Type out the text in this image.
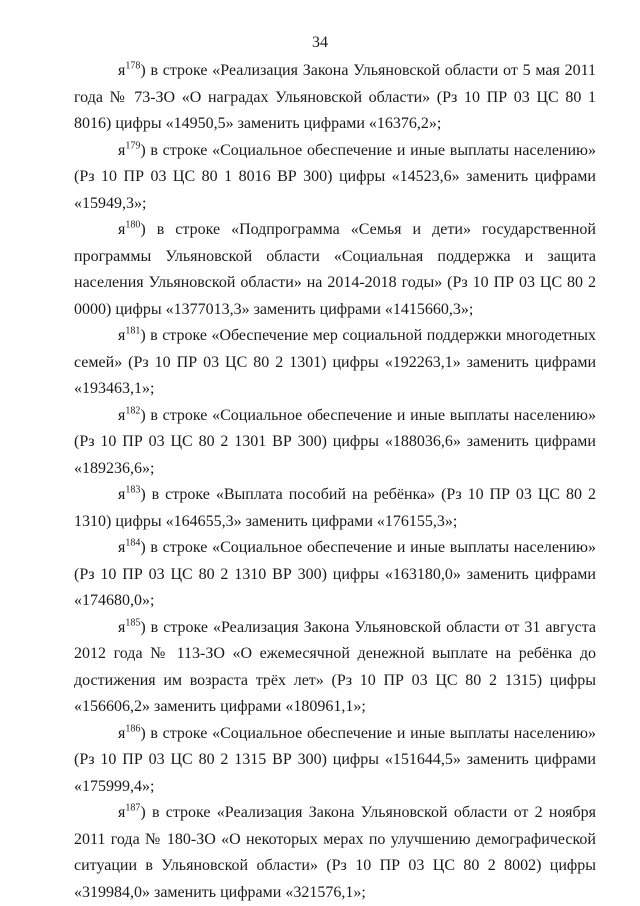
34

$я^{178}$) в строке «Реализация Закона Ульяновской области от 5 мая 2011 года № 73-ЗО «О наградах Ульяновской области» (Рз 10 ПР 03 ЦС 80 1 8016) цифры «14950,5» заменить цифрами «16376,2»;

$я^{179}$) в строке «Социальное обеспечение и иные выплаты населению» (Рз 10 ПР 03 ЦС 80 1 8016 ВР 300) цифры «14523,6» заменить цифрами «15949,3»;

$я^{180}$) в строке «Подпрограмма «Семья и дети» государственной программы Ульяновской области «Социальная поддержка и защита населения Ульяновской области» на 2014-2018 годы» (Рз 10 ПР 03 ЦС 80 2 0000) цифры «1377013,3» заменить цифрами «1415660,3»;

$я^{181}$) в строке «Обеспечение мер социальной поддержки многодетных семей» (Рз 10 ПР 03 ЦС 80 2 1301) цифры «192263,1» заменить цифрами «193463,1»;

$я^{182}$) в строке «Социальное обеспечение и иные выплаты населению» (Рз 10 ПР 03 ЦС 80 2 1301 ВР 300) цифры «188036,6» заменить цифрами «189236,6»;

$я^{183}$) в строке «Выплата пособий на ребёнка» (Рз 10 ПР 03 ЦС 80 2 1310) цифры «164655,3» заменить цифрами «176155,3»;

$я^{184}$) в строке «Социальное обеспечение и иные выплаты населению» (Рз 10 ПР 03 ЦС 80 2 1310 ВР 300) цифры «163180,0» заменить цифрами «174680,0»;

$я^{185}$) в строке «Реализация Закона Ульяновской области от 31 августа 2012 года № 113-ЗО «О ежемесячной денежной выплате на ребёнка до достижения им возраста трёх лет» (Рз 10 ПР 03 ЦС 80 2 1315) цифры «156606,2» заменить цифрами «180961,1»;

$я^{186}$) в строке «Социальное обеспечение и иные выплаты населению» (Рз 10 ПР 03 ЦС 80 2 1315 ВР 300) цифры «151644,5» заменить цифрами «175999,4»;

$я^{187}$) в строке «Реализация Закона Ульяновской области от 2 ноября 2011 года № 180-ЗО «О некоторых мерах по улучшению демографической ситуации в Ульяновской области» (Рз 10 ПР 03 ЦС 80 2 8002) цифры «319984,0» заменить цифрами «321576,1»;
